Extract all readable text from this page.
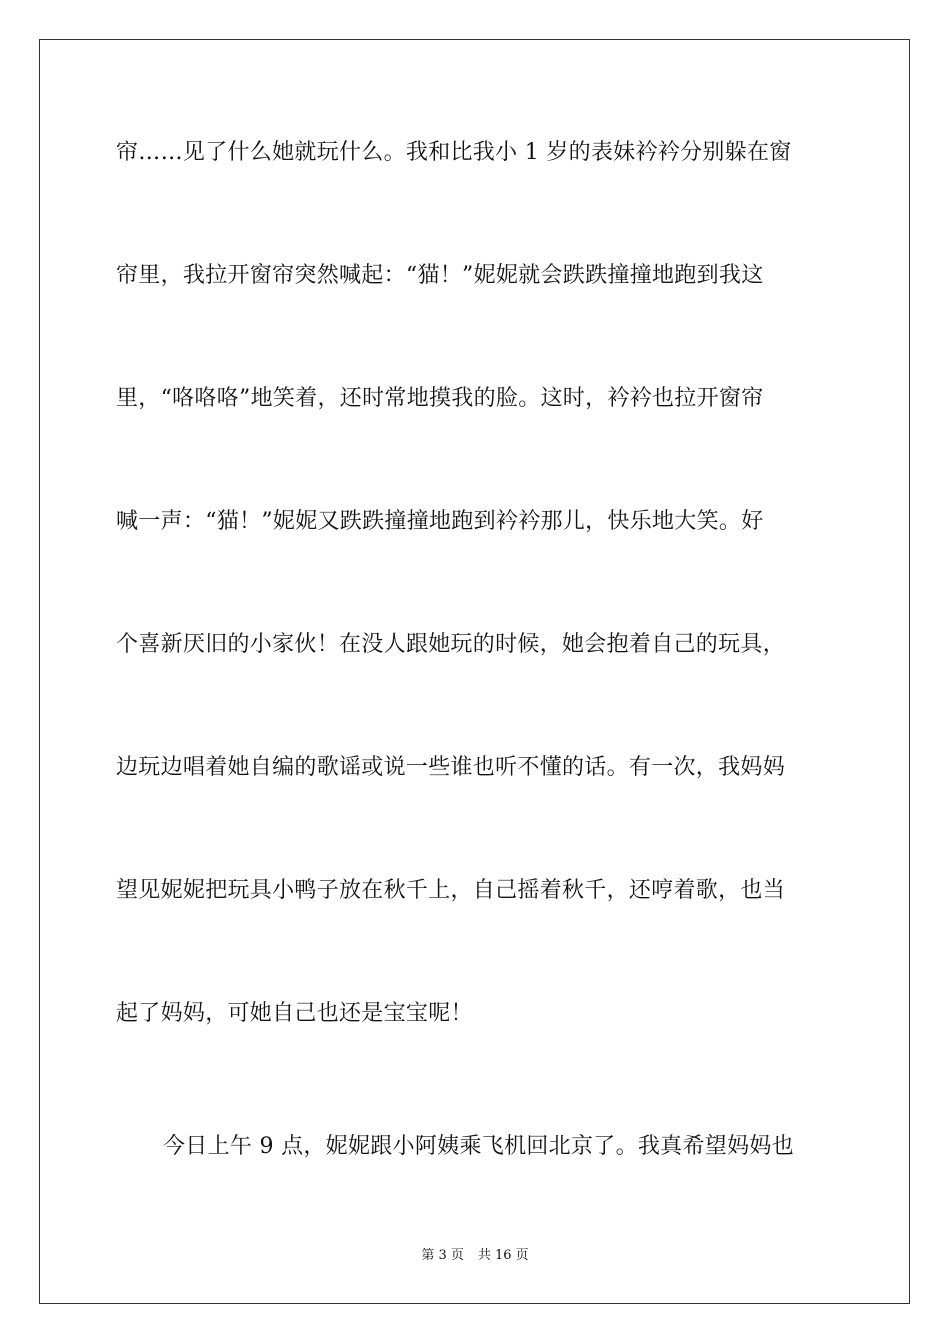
帘……见了什么她就玩什么。我和比我小 1 岁的表妹衿衿分别躲在窗
帘里，我拉开窗帘突然喊起：“猫！”妮妮就会跌跌撞撞地跑到我这
里，“咯咯咯”地笑着，还时常地摸我的脸。这时，衿衿也拉开窗帘
喊一声：“猫！”妮妮又跌跌撞撞地跑到衿衿那儿，快乐地大笑。好
个喜新厌旧的小家伙！在没人跟她玩的时候，她会抱着自己的玩具，
边玩边唱着她自编的歌谣或说一些谁也听不懂的话。有一次，我妈妈
望见妮妮把玩具小鸭子放在秋千上，自己摇着秋千，还哼着歌，也当
起了妈妈，可她自己也还是宝宝呢！
今日上午 9 点，妮妮跟小阿姨乘飞机回北京了。我真希望妈妈也
第 3 页 共 16 页
